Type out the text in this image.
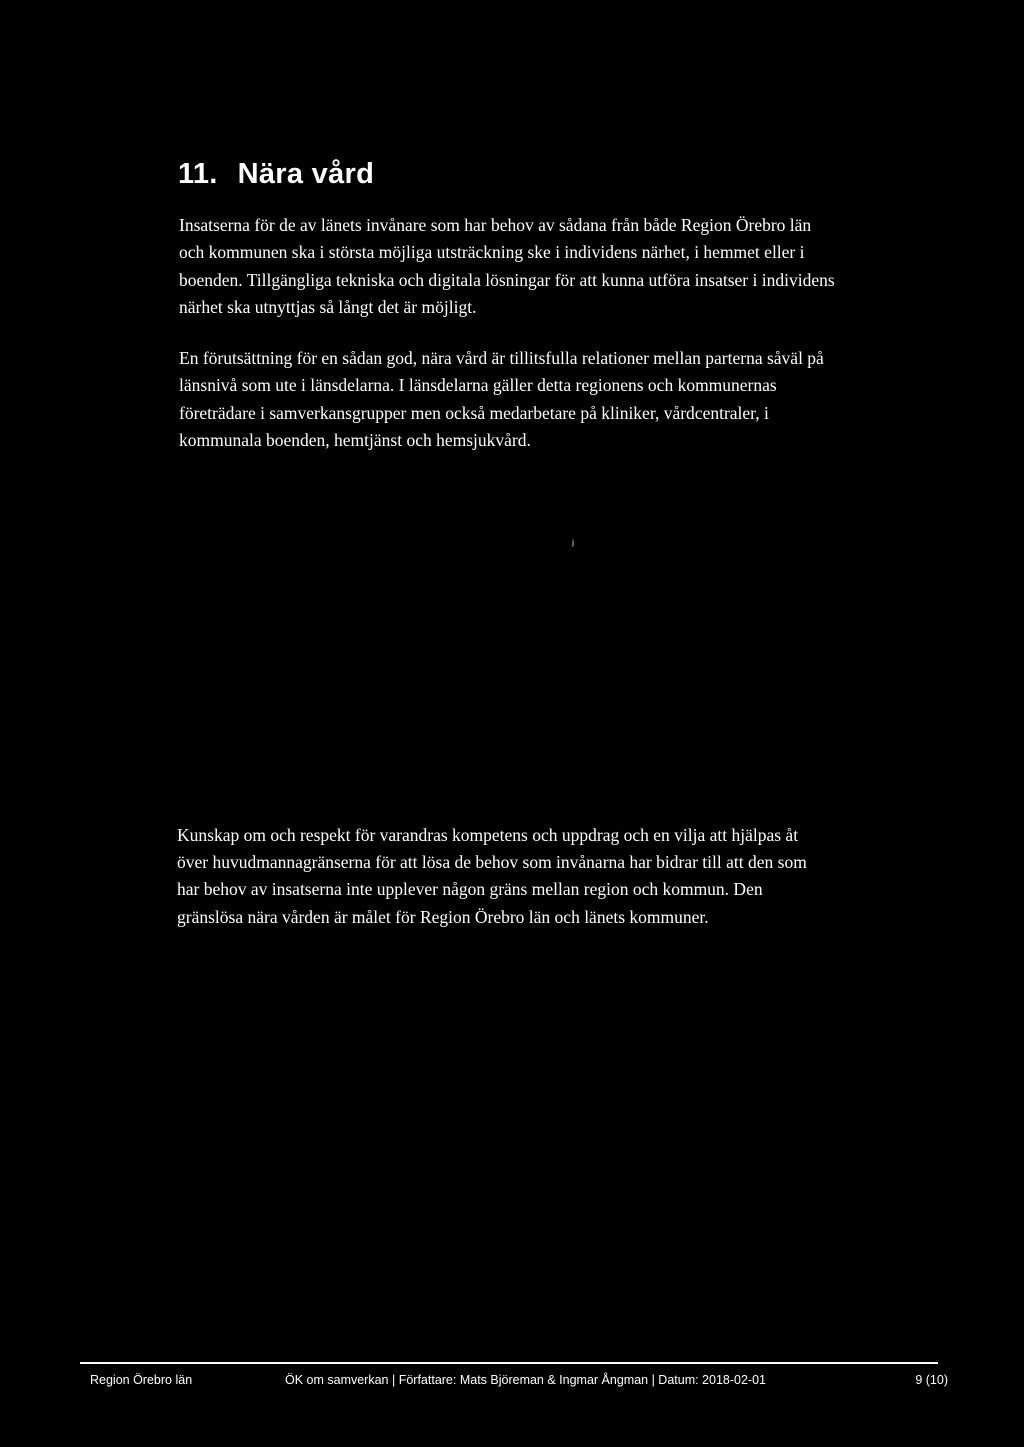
11. Nära vård

Insatserna för de av länets invånare som har behov av sådana från både Region Örebro län och kommunen ska i största möjliga utsträckning ske i individens närhet, i hemmet eller i boenden. Tillgängliga tekniska och digitala lösningar för att kunna utföra insatser i individens närhet ska utnyttjas så långt det är möjligt.

En förutsättning för en sådan god, nära vård är tillitsfulla relationer mellan parterna såväl på länsnivå som ute i länsdelarna. I länsdelarna gäller detta regionens och kommunernas företrädare i samverkansgrupper men också medarbetare på kliniker, vårdcentraler, i kommunala boenden, hemtjänst och hemsjukvård.

ⱼ

Kunskap om och respekt för varandras kompetens och uppdrag och en vilja att hjälpas åt över huvudmannagränserna för att lösa de behov som invånarna har bidrar till att den som har behov av insatserna inte upplever någon gräns mellan region och kommun. Den gränslösa nära vården är målet för Region Örebro län och länets kommuner.

Region Örebro län	ÖK om samverkan | Författare: Mats Björeman & Ingmar Ångman | Datum: 2018-02-01	9 (10)
